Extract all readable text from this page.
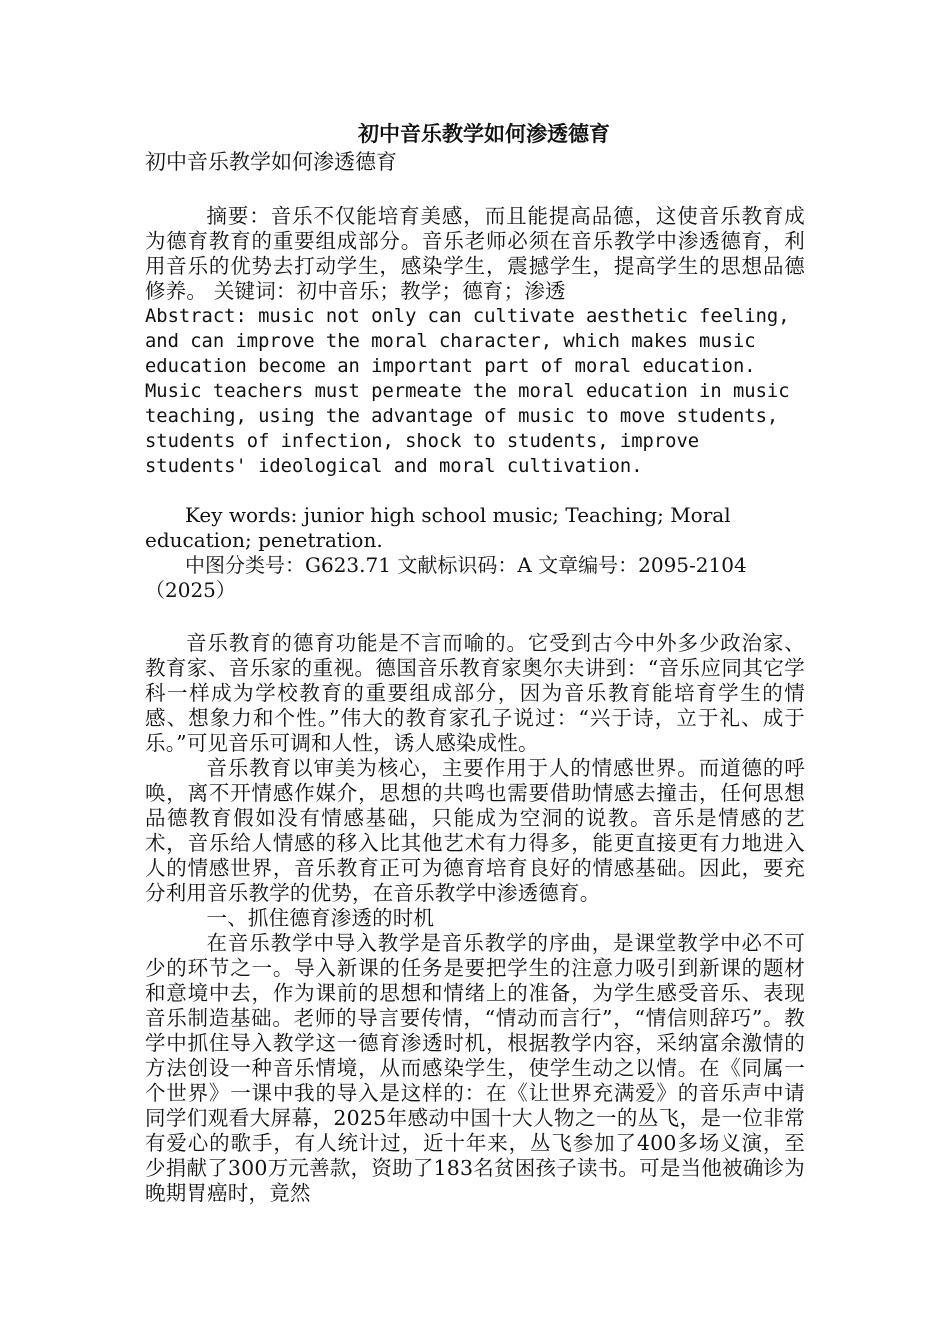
初中音乐教学如何渗透德育

初中音乐教学如何渗透德育

摘要：音乐不仅能培育美感，而且能提高品德，这使音乐教育成为德育教育的重要组成部分。音乐老师必须在音乐教学中渗透德育，利用音乐的优势去打动学生，感染学生，震撼学生，提高学生的思想品德修养。 关键词：初中音乐；教学；德育；渗透

Abstract: music not only can cultivate aesthetic feeling, and can improve the moral character, which makes music education become an important part of moral education. Music teachers must permeate the moral education in music teaching, using the advantage of music to move students, students of infection, shock to students, improve students' ideological and moral cultivation.

Key words: junior high school music; Teaching; Moral education; penetration.

中图分类号：G623.71 文献标识码：A 文章编号：2095-2104（2025）

音乐教育的德育功能是不言而喻的。它受到古今中外多少政治家、教育家、音乐家的重视。德国音乐教育家奥尔夫讲到：“音乐应同其它学科一样成为学校教育的重要组成部分，因为音乐教育能培育学生的情感、想象力和个性。”伟大的教育家孔子说过：“兴于诗，立于礼、成于乐。”可见音乐可调和人性，诱人感染成性。

音乐教育以审美为核心，主要作用于人的情感世界。而道德的呼唤，离不开情感作媒介，思想的共鸣也需要借助情感去撞击，任何思想品德教育假如没有情感基础，只能成为空洞的说教。音乐是情感的艺术，音乐给人情感的移入比其他艺术有力得多，能更直接更有力地进入人的情感世界，音乐教育正可为德育培育良好的情感基础。因此，要充分利用音乐教学的优势，在音乐教学中渗透德育。

一、抓住德育渗透的时机

在音乐教学中导入教学是音乐教学的序曲，是课堂教学中必不可少的环节之一。导入新课的任务是要把学生的注意力吸引到新课的题材和意境中去，作为课前的思想和情绪上的准备，为学生感受音乐、表现音乐制造基础。老师的导言要传情，“情动而言行”，“情信则辞巧”。教学中抓住导入教学这一德育渗透时机，根据教学内容，采纳富余激情的方法创设一种音乐情境，从而感染学生，使学生动之以情。在《同属一个世界》一课中我的导入是这样的：在《让世界充满爱》的音乐声中请同学们观看大屏幕，2025年感动中国十大人物之一的丛飞，是一位非常有爱心的歌手，有人统计过，近十年来，丛飞参加了400多场义演，至少捐献了300万元善款，资助了183名贫困孩子读书。可是当他被确诊为晚期胃癌时，竟然
